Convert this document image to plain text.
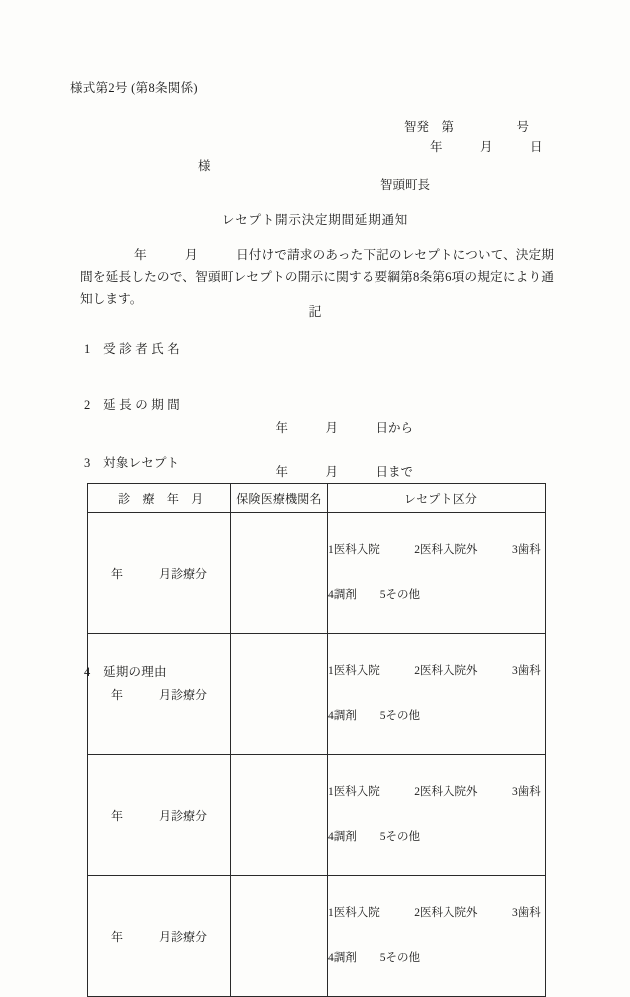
様式第2号 (第8条関係)
智発　第　　　　　号
年　　　月　　　日
様
智頭町長
レセプト開示決定期間延期通知
年　　　月　　　日付けで請求のあった下記のレセプトについて、決定期間を延長したので、智頭町レセプトの開示に関する要綱第8条第6項の規定により通知します。
記
1　受 診 者 氏 名
2　延 長 の 期 間

年　　　月　　　日から

年　　　月　　　日まで

3　対象レセプト
診　療　年　月	保険医療機関名	レセプト区分
年　　　月診療分		1医科入院　　　2医科入院外　　　3歯科

4調剤　　5その他

年　　　月診療分		1医科入院　　　2医科入院外　　　3歯科

4調剤　　5その他

年　　　月診療分		1医科入院　　　2医科入院外　　　3歯科

4調剤　　5その他

年　　　月診療分		1医科入院　　　2医科入院外　　　3歯科

4調剤　　5その他

4　延期の理由
